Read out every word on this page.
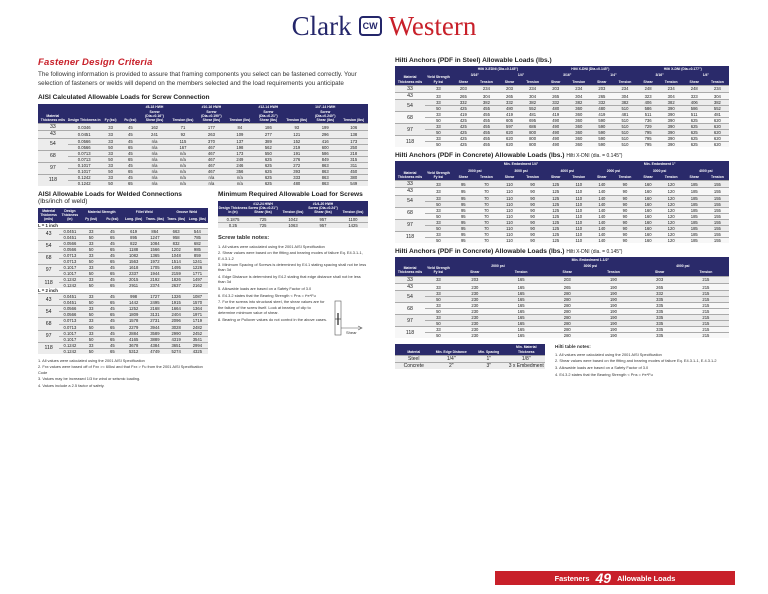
Clark	CW Western
Fastener Design Criteria

The following information is provided to assure that framing components you select can be fastened correctly. Your selection of fasteners or welds will depend on the members selected and the load requirements you anticipate

AISI Calculated Allowable Loads for Screw Connection
Material Thickness mils	Design Thickness in	Fy (ksi)	Fu (ksi)	#8-18 HWH Screw (Dia.=0.16") Shear (lbs)	Tension (lbs)	#10-16 HWH Screw (Dia.=0.190") Shear (lbs)	Tension (lbs)	#12-14 HWH Screw (Dia.=0.21") Shear (lbs)	Tension (lbs)	1/4"-14 HWH Screw (Dia.=0.240") Shear (lbs)	Tension (lbs)
33	0.0346	33	45	162	71	177	84	186	93	199	106
43	0.0451	33	45	241	92	263	109	277	121	296	138
54	0.0566	33	45	n/a	115	370	137	389	152	416	173
	0.0566	50	65	n/a	167	467	198	562	219	600	250
68	0.0713	33	45	n/a	n/a	467	173	550	191	586	218
	0.0713	50	65	n/a	n/a	467	249	625	276	849	315
97	0.1017	33	45	n/a	n/a	467	246	625	272	863	311
	0.1017	50	65	n/a	n/a	467	356	625	393	863	450
118	0.1242	33	45	n/a	n/a	n/a	n/a	625	333	863	380
	0.1242	50	65	n/a	n/a	n/a	n/a	625	480	863	549
AISI Allowable Loads for Welded Connections (lbs/inch of weld)
Material Thickness (mils)	Design Thickness (in)	Material Strength		Fillet Weld		Groove Weld	
		Fy (ksi)	Fu (ksi)	Long. (lbs)	Trans. (lbs)	Trans. (lbs)	Long. (lbs)
L = 1 inch							
43	0.0451	33	45	619	864	663	544
	0.0451	50	65	895	1247	958	785
54	0.0566	33	45	822	1084	832	682
	0.0566	50	65	1188	1566	1202	985
68	0.0713	33	45	1082	1365	1048	859
	0.0713	50	65	1563	1972	1514	1241
97	0.1017	33	45	1618	1705	1495	1226
	0.1017	50	65	2337	1944	2159	1771
118	0.1242	33	45	2015	2192	1826	1497
	0.1242	50	65	2911	2374	2637	2162
L = 2 inch							
43	0.0451	33	45	998	1727	1326	1087
	0.0451	50	65	1442	2495	1915	1570
54	0.0566	33	45	1252	2168	1664	1364
	0.0566	50	65	1809	3131	2404	1971
68	0.0713	33	45	1578	2731	2096	1719
	0.0713	50	65	2279	3944	3028	2482
97	0.1017	33	45	2884	3589	2990	2452
	0.1017	50	65	4165	3889	4319	3541
118	0.1242	33	45	3678	4384	3651	2994
	0.1242	50	65	5312	4749	5274	4325
1. All values were calculated using the 2001 AISI Specification
2. Fxx values were based off of Fxx >= 60ksi and that Fxx > Fu from the 2001 AISI Specification Code
3. Values may be increased 1/3 for wind or seismic loading.
4. Values include a 2.5 factor of safety.
Minimum Required Allowable Load for Screws
Design Thickness in (in)	#12-24 HWH Screw (Dia.=0.21") Shear (lbs)	Tension (lbs)	#1/4-20 HWH Screw (Dia.=0.24") Shear (lbs)	Tension (lbs)
0.1875	725	1042	957	1100
0.25	725	1063	957	1425
Screw table notes:
1. All values were calculated using the 2001 AISI Specification
2. Shear values were based on the fitting and bearing modes of failure Eq. E4.3.1-1, E.4.3.1-2
3. Minimum Spacing of Screws is determined by E4.1 stating spacing shall not be less than 3d
4. Edge Distance is determined by E4.2 stating that edge distance shall not be less than 3d
5. Allowable loads are based on a Safety Factor of 3.0
6. E4.3.2 states that the Bearing Strength < Pns = t*e*Fu
7. For the screws into structural steel, the shear values are for the failure of the screw itself. Look at bearing of clip to determine minimum value of shear.
8. Bearing or Pullover values do not control in the above cases.
Shear
Hilti Anchors (PDF in Steel) Allowable Loads (lbs.)
Material Thickness mils	Yield Strength Fy ksi	Hilti X-EDNI (Dia.=0.145")				Hilti X-DNI (Dia.=0.145")				Hilti X-DNI (Dia.=0.177")			
		3/16"		1/4"		3/16"		1/4"		3/16"		1/4"	
		Shear	Tension	Shear	Tension	Shear	Tension	Shear	Tension	Shear	Tension	Shear	Tension
33	33	203	234	203	234	203	234	203	234	248	234	248	234
43	33	265	304	265	304	265	304	265	304	323	304	323	304
54	33	332	382	332	382	332	382	332	382	406	382	406	382
	50	425	455	480	552	480	360	480	510	586	390	586	552
68	33	419	455	419	481	419	360	419	481	511	390	511	481
	50	425	455	605	695	490	360	590	510	736	390	625	620
97	33	425	455	597	686	490	360	590	510	729	390	625	620
	50	425	455	620	800	490	360	590	510	795	390	625	620
118	33	425	455	620	800	490	360	590	510	795	390	625	620
	50	425	455	620	800	490	360	590	510	795	390	625	620
Hilti Anchors (PDF in Concrete) Allowable Loads (lbs.) Hilti X-DNI (dia. = 0.145")
Material Thickness mils	Yield Strength Fy ksi	Min. Embedment 1/4"						Min. Embedment 1"					
		2000 psi		3000 psi		4000 psi		2000 psi		3000 psi		4000 psi	
		Shear	Tension	Shear	Tension	Shear	Tension	Shear	Tension	Shear	Tension	Shear	Tension
33	33	95	70	110	90	125	110	140	90	160	120	185	155
43	33	95	70	110	90	125	110	140	90	160	120	185	155
54	33	95	70	110	90	125	110	140	90	160	120	185	155
	50	95	70	110	90	125	110	140	90	160	120	185	155
68	33	95	70	110	90	125	110	140	90	160	120	185	155
	50	95	70	110	90	125	110	140	90	160	120	185	155
97	33	95	70	110	90	125	110	140	90	160	120	185	155
	50	95	70	110	90	125	110	140	90	160	120	185	155
118	33	95	70	110	90	125	110	140	90	160	120	185	155
	50	95	70	110	90	125	110	140	90	160	120	185	155
Hilti Anchors (PDF in Concrete) Allowable Loads (lbs.) Hilti X-DNI (dia. = 0.145")
Material Thickness mils	Yield Strength Fy ksi	Min. Embedment 1-1/2"					
		2000 psi		3000 psi		4000 psi	
		Shear	Tension	Shear	Tension	Shear	Tension
33	33	203	165	203	190	203	215
43	33	230	165	265	190	265	215
54	33	230	165	280	190	332	215
	50	230	165	280	190	335	215
68	33	230	165	280	190	335	215
	50	230	165	280	190	335	215
97	33	230	165	280	190	335	215
	50	230	165	280	190	335	215
118	33	230	165	280	190	335	215
	50	230	165	280	190	335	215
Material	Min. Edge Distance	Min. Spacing	Min. Material Thickness
Steel	1/4"	1"	1/8"
Concrete	2"	3"	3 x Embedment
Hilti table notes:
1. All values were calculated using the 2001 AISI Specification
2. Shear values were based on the fitting and bearing modes of failure Eq. E4.3.1-1, E.4.3.1-2
3. Allowable loads are based on a Safety Factor of 3.0
4. E4.3.2 states that the Bearing Strength < Pns = t*e*Fu
Fasteners 49 Allowable Loads
